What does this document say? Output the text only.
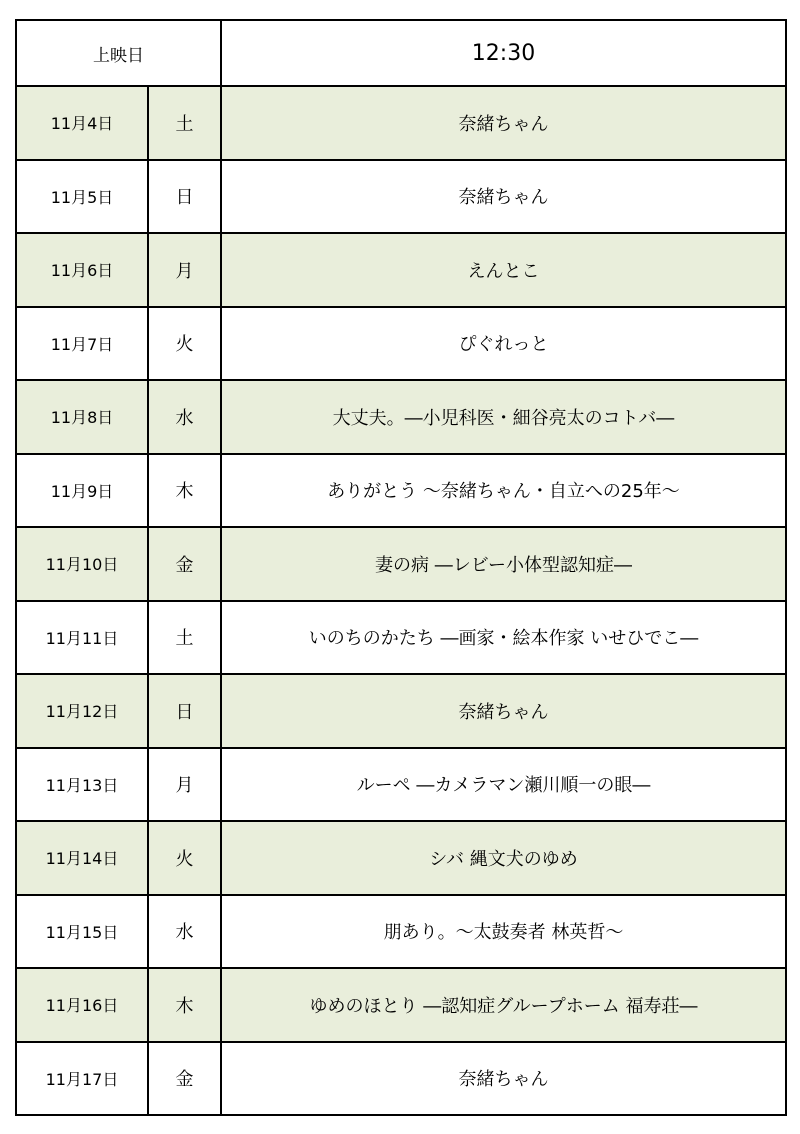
上映日		12:30
11月4日	土	奈緒ちゃん
11月5日	日	奈緒ちゃん
11月6日	月	えんとこ
11月7日	火	ぴぐれっと
11月8日	水	大丈夫。―小児科医・細谷亮太のコトバ―
11月9日	木	ありがとう ～奈緒ちゃん・自立への25年～
11月10日	金	妻の病 ―レビー小体型認知症―
11月11日	土	いのちのかたち ―画家・絵本作家 いせひでこ―
11月12日	日	奈緒ちゃん
11月13日	月	ルーペ ―カメラマン瀬川順一の眼―
11月14日	火	シバ 縄文犬のゆめ
11月15日	水	朋あり。～太鼓奏者 林英哲～
11月16日	木	ゆめのほとり ―認知症グループホーム 福寿荘―
11月17日	金	奈緒ちゃん
